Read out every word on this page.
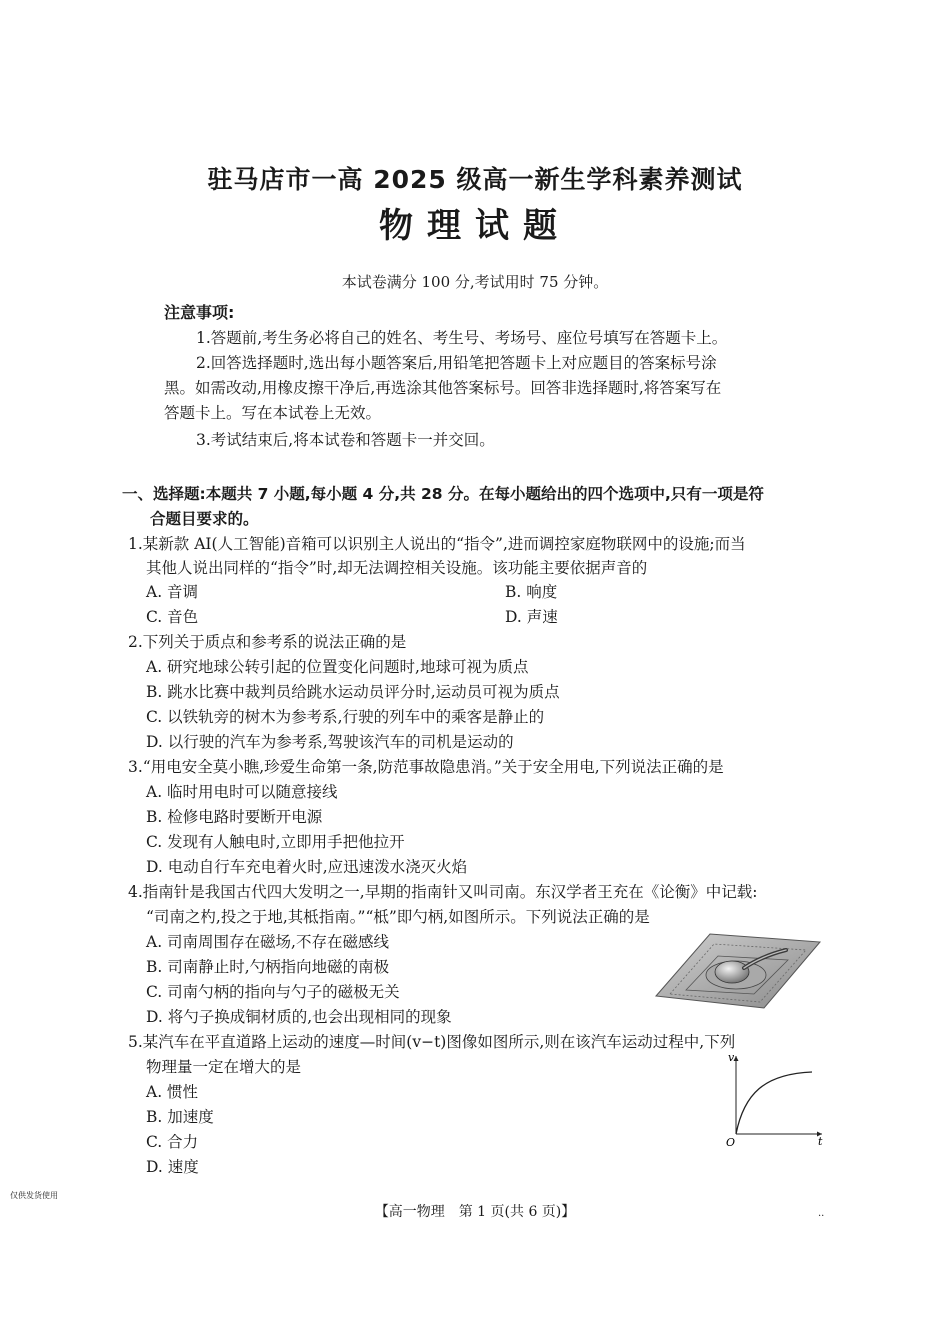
驻马店市一高 2025 级高一新生学科素养测试
物理试题
本试卷满分 100 分,考试用时 75 分钟。
注意事项:
1.答题前,考生务必将自己的姓名、考生号、考场号、座位号填写在答题卡上。
2.回答选择题时,选出每小题答案后,用铅笔把答题卡上对应题目的答案标号涂
黑。如需改动,用橡皮擦干净后,再选涂其他答案标号。回答非选择题时,将答案写在
答题卡上。写在本试卷上无效。
3.考试结束后,将本试卷和答题卡一并交回。
一、选择题:本题共 7 小题,每小题 4 分,共 28 分。在每小题给出的四个选项中,只有一项是符
合题目要求的。
1.某新款 AI(人工智能)音箱可以识别主人说出的“指令”,进而调控家庭物联网中的设施;而当
其他人说出同样的“指令”时,却无法调控相关设施。该功能主要依据声音的
A. 音调	B. 响度
C. 音色	D. 声速
2.下列关于质点和参考系的说法正确的是
A. 研究地球公转引起的位置变化问题时,地球可视为质点
B. 跳水比赛中裁判员给跳水运动员评分时,运动员可视为质点
C. 以铁轨旁的树木为参考系,行驶的列车中的乘客是静止的
D. 以行驶的汽车为参考系,驾驶该汽车的司机是运动的
3.“用电安全莫小瞧,珍爱生命第一条,防范事故隐患消。”关于安全用电,下列说法正确的是
A. 临时用电时可以随意接线
B. 检修电路时要断开电源
C. 发现有人触电时,立即用手把他拉开
D. 电动自行车充电着火时,应迅速泼水浇灭火焰
4.指南针是我国古代四大发明之一,早期的指南针又叫司南。东汉学者王充在《论衡》中记载:
“司南之杓,投之于地,其柢指南。”“柢”即勺柄,如图所示。下列说法正确的是
A. 司南周围存在磁场,不存在磁感线
B. 司南静止时,勺柄指向地磁的南极
C. 司南勺柄的指向与勺子的磁极无关
D. 将勺子换成铜材质的,也会出现相同的现象
5.某汽车在平直道路上运动的速度—时间(v−t)图像如图所示,则在该汽车运动过程中,下列
物理量一定在增大的是
A. 惯性
B. 加速度
C. 合力
D. 速度
v
t
O
仅供发货使用
【高一物理　第 1 页(共 6 页)】	..
